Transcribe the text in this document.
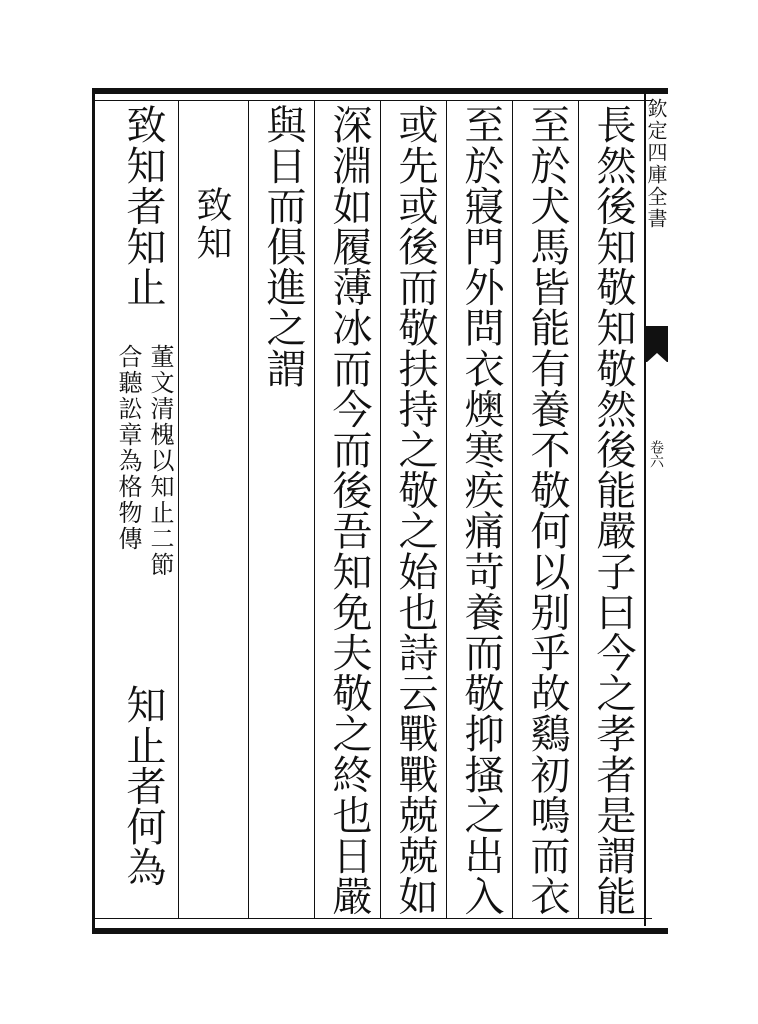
欽定四庫全書
卷六
長然後知敬知敬然後能嚴子曰今之孝者是謂能
至於犬馬皆能有養不敬何以别乎故鷄初鳴而衣
至於寢門外問衣燠寒疾痛苛養而敬抑搔之出入
或先或後而敬扶持之敬之始也詩云戰戰兢兢如
深淵如履薄冰而今而後吾知免夫敬之終也日嚴
與日而俱進之謂
致知
致知者知止
董文清槐以知止二節
合聽訟章為格物傳
知止者何為
